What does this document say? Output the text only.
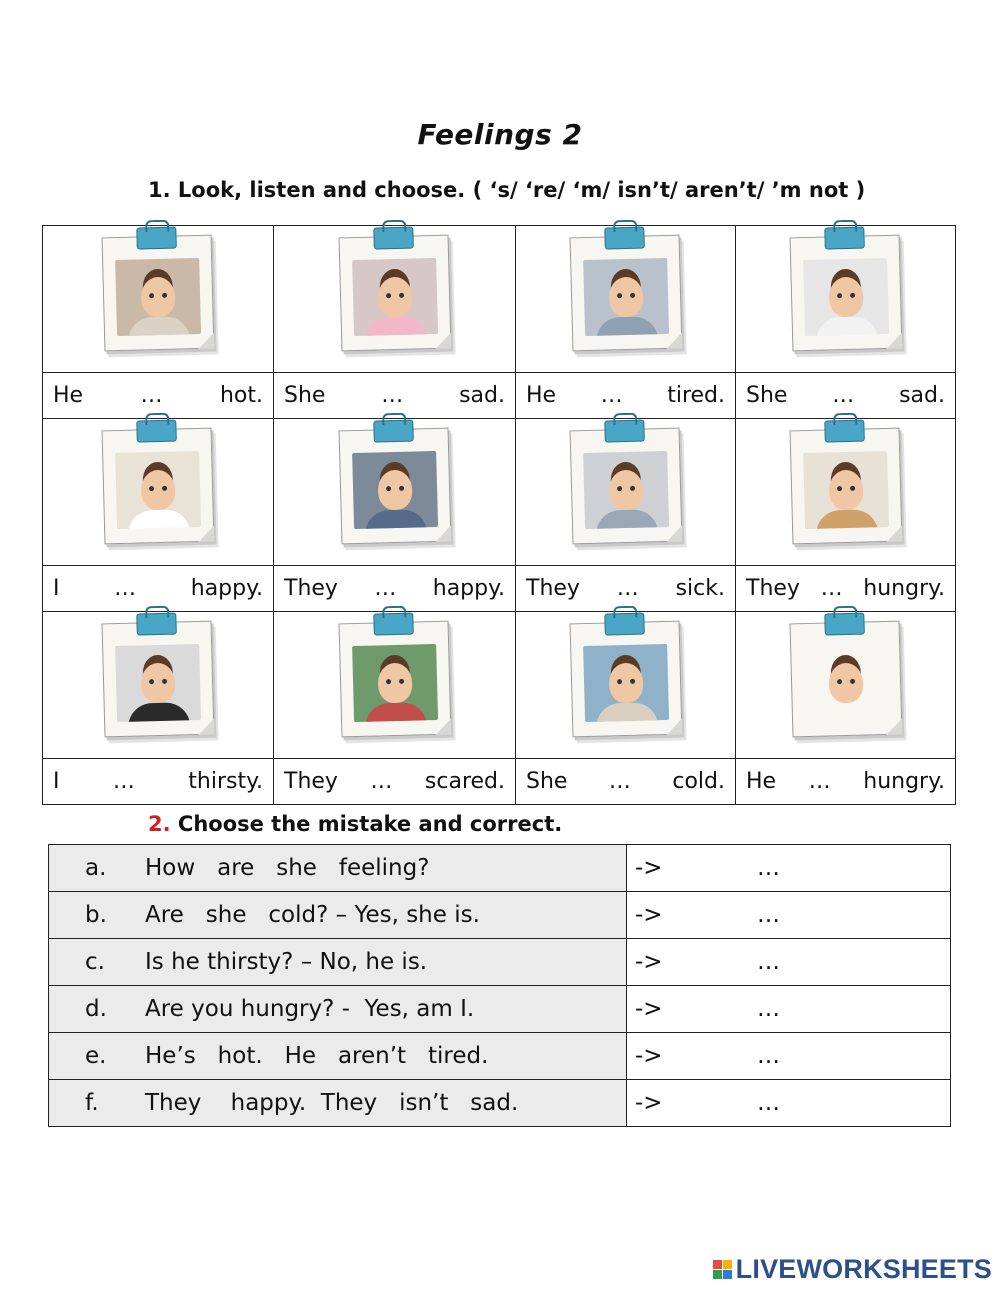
Feelings 2
1. Look, listen and choose. ( ‘s/ ‘re/ ‘m/ isn’t/ aren’t/ ’m not )

He … hot.	She … sad.	He … tired.	She … sad.

I … happy.	They … happy.	They … sick.	They … hungry.

I … thirsty.	They … scared.	She … cold.	He … hungry.
2. Choose the mistake and correct.
a. How   are   she   feeling?	-> …

b. Are   she   cold? – Yes, she is.	-> …

c. Is he thirsty? – No, he is.	-> …

d. Are you hungry? -  Yes, am I.	-> …

e. He’s   hot.   He   aren’t   tired.	-> …

f. They    happy.  They   isn’t   sad.	-> …
LIVEWORKSHEETS
